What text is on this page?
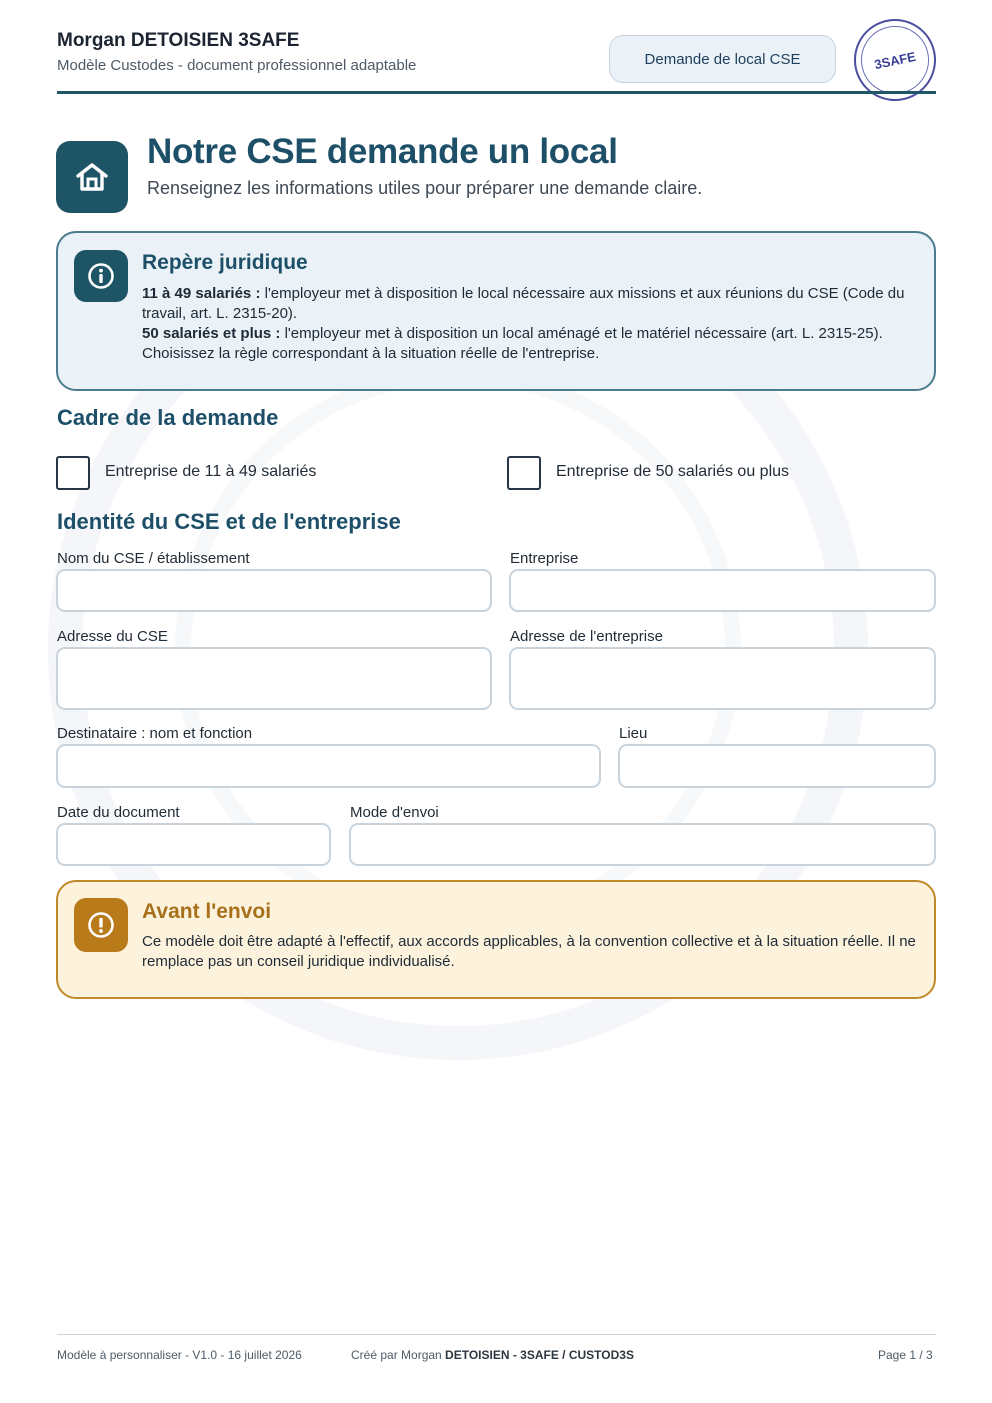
Morgan DETOISIEN 3SAFE
Modèle Custodes - document professionnel adaptable	Demande de local CSE	3SAFE
Notre CSE demande un local
Renseignez les informations utiles pour préparer une demande claire.
Repère juridique

11 à 49 salariés : l'employeur met à disposition le local nécessaire aux missions et aux réunions du CSE (Code du travail, art. L. 2315-20).

50 salariés et plus : l'employeur met à disposition un local aménagé et le matériel nécessaire (art. L. 2315-25).

Choisissez la règle correspondant à la situation réelle de l'entreprise.

Cadre de la demande
Entreprise de 11 à 49 salariés	Entreprise de 50 salariés ou plus
Identité du CSE et de l'entreprise
Nom du CSE / établissement	Entreprise
Adresse du CSE	Adresse de l'entreprise
Destinataire : nom et fonction	Lieu
Date du document	Mode d'envoi
Avant l'envoi
Ce modèle doit être adapté à l'effectif, aux accords applicables, à la convention collective et à la situation réelle. Il ne remplace pas un conseil juridique individualisé.
Modèle à personnaliser - V1.0 - 16 juillet 2026	Créé par Morgan DETOISIEN - 3SAFE / CUSTOD3S	Page 1 / 3
